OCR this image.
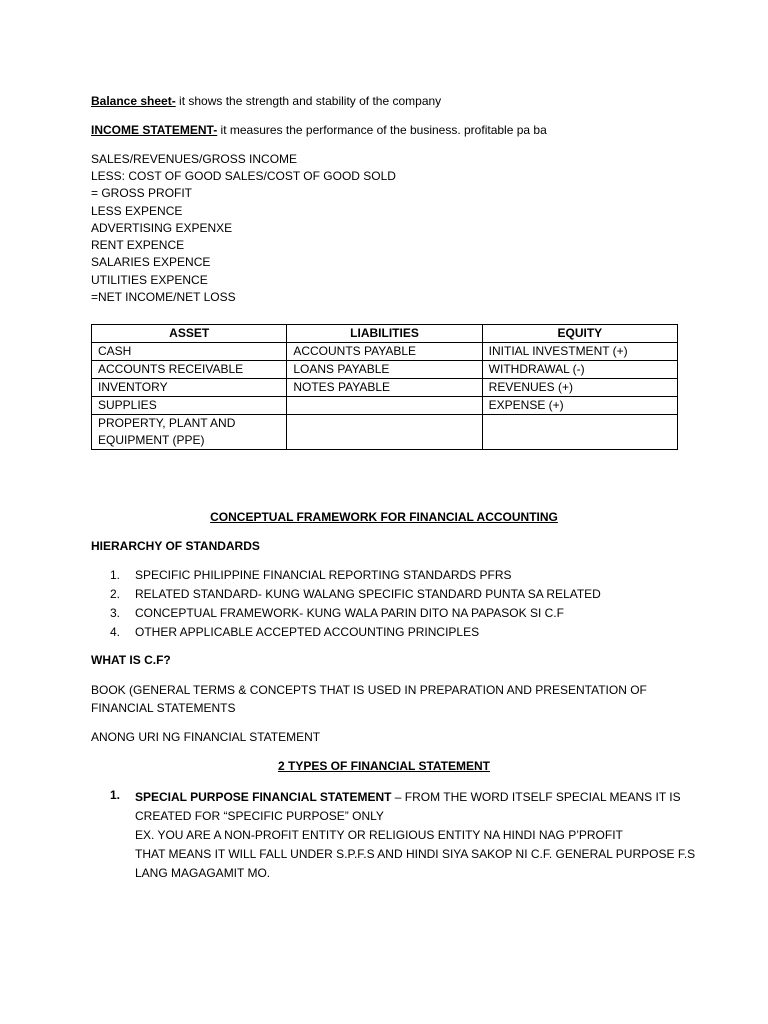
Balance sheet- it shows the strength and stability of the company
INCOME STATEMENT- it measures the performance of the business. profitable pa ba
SALES/REVENUES/GROSS INCOME
LESS: COST OF GOOD SALES/COST OF GOOD SOLD
= GROSS PROFIT
LESS EXPENCE
ADVERTISING EXPENXE
RENT EXPENCE
SALARIES EXPENCE
UTILITIES EXPENCE
=NET INCOME/NET LOSS
ASSET	LIABILITIES	EQUITY
CASH	ACCOUNTS PAYABLE	INITIAL INVESTMENT (+)
ACCOUNTS RECEIVABLE	LOANS PAYABLE	WITHDRAWAL (-)
INVENTORY	NOTES PAYABLE	REVENUES (+)
SUPPLIES		EXPENSE (+)
PROPERTY, PLANT AND EQUIPMENT (PPE)		
CONCEPTUAL FRAMEWORK FOR FINANCIAL ACCOUNTING
HIERARCHY OF STANDARDS
1. SPECIFIC PHILIPPINE FINANCIAL REPORTING STANDARDS PFRS
2. RELATED STANDARD- KUNG WALANG SPECIFIC STANDARD PUNTA SA RELATED
3. CONCEPTUAL FRAMEWORK- KUNG WALA PARIN DITO NA PAPASOK SI C.F
4. OTHER APPLICABLE ACCEPTED ACCOUNTING PRINCIPLES
WHAT IS C.F?
BOOK (GENERAL TERMS & CONCEPTS THAT IS USED IN PREPARATION AND PRESENTATION OF
FINANCIAL STATEMENTS
ANONG URI NG FINANCIAL STATEMENT
2 TYPES OF FINANCIAL STATEMENT
1. SPECIAL PURPOSE FINANCIAL STATEMENT – FROM THE WORD ITSELF SPECIAL MEANS IT IS
CREATED FOR “SPECIFIC PURPOSE” ONLY
EX. YOU ARE A NON-PROFIT ENTITY OR RELIGIOUS ENTITY NA HINDI NAG P’PROFIT
THAT MEANS IT WILL FALL UNDER S.P.F.S AND HINDI SIYA SAKOP NI C.F. GENERAL PURPOSE F.S
LANG MAGAGAMIT MO.
